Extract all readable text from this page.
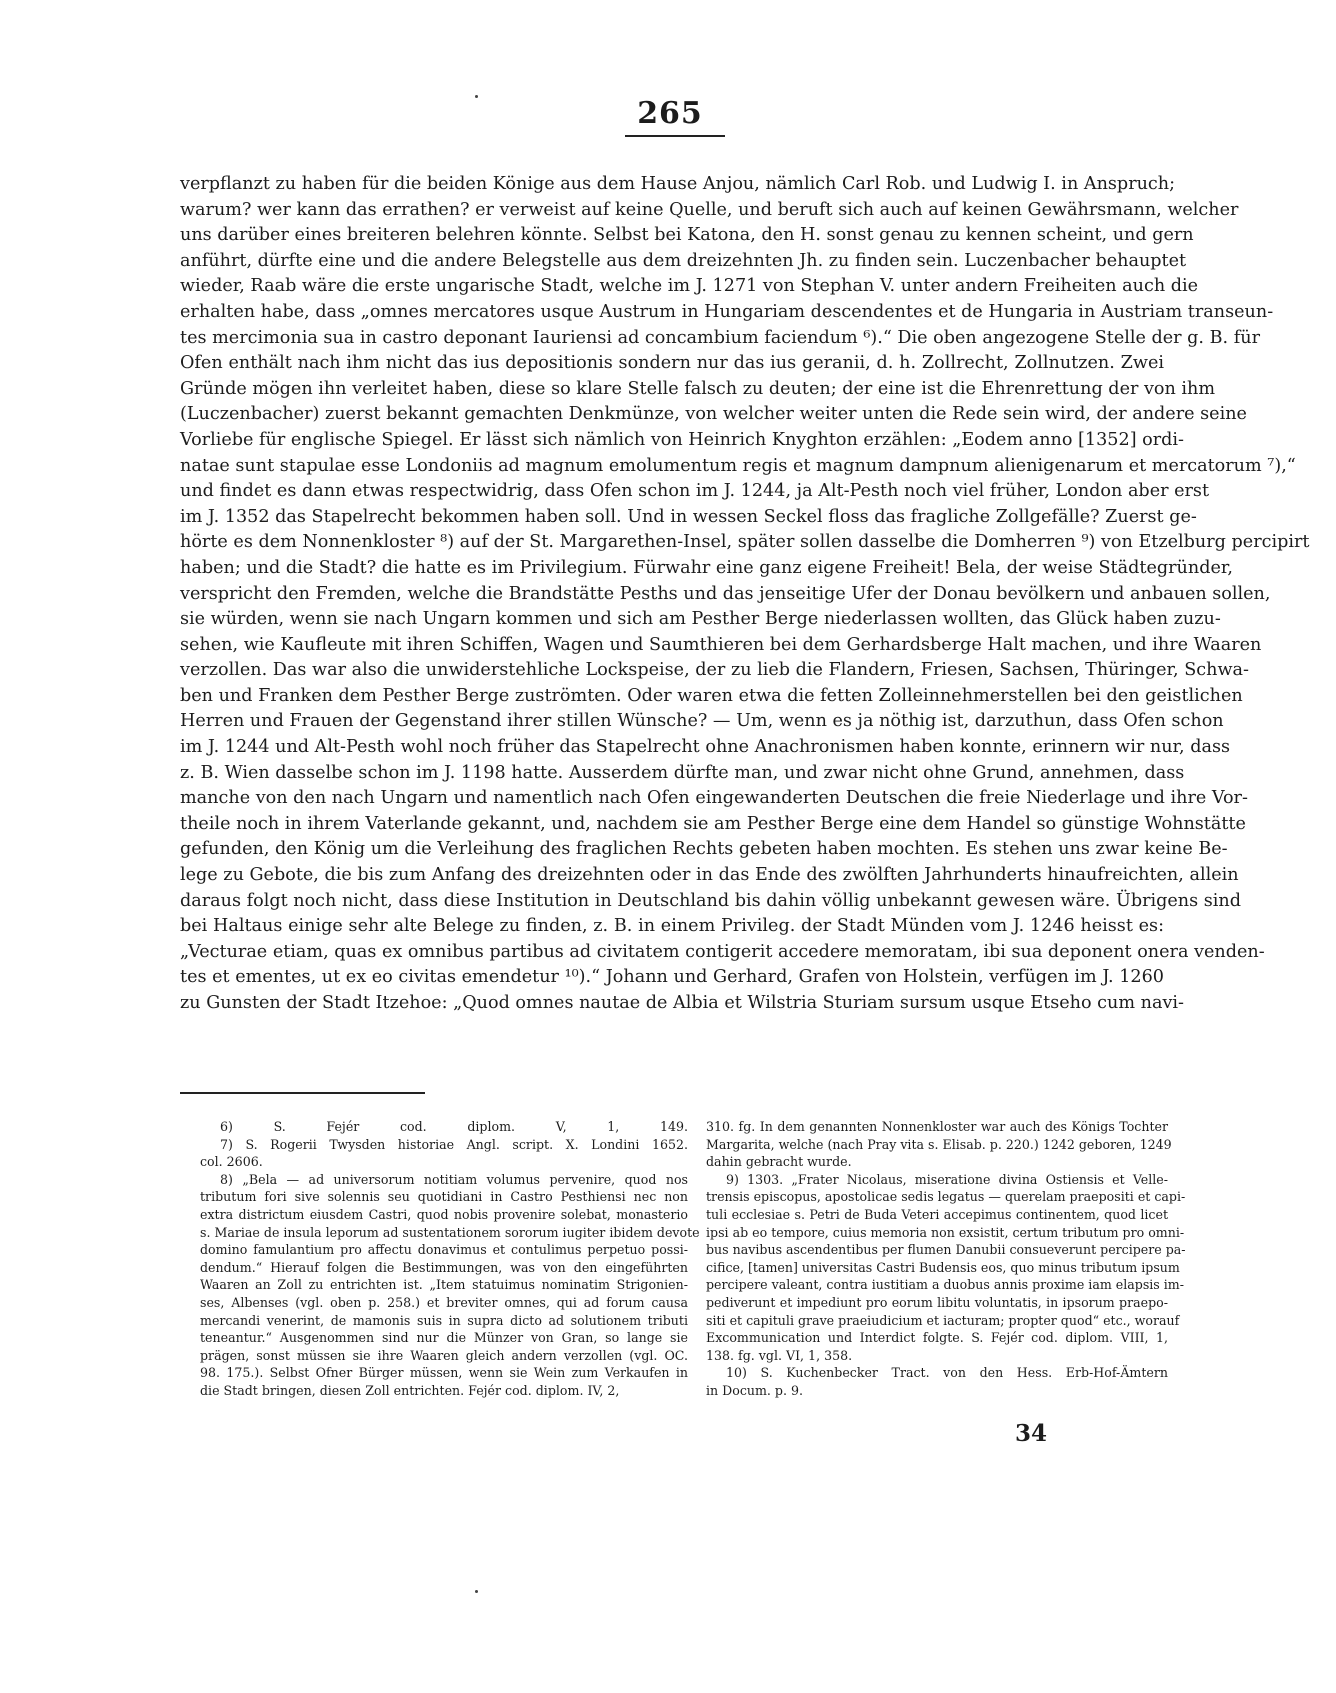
265
verpflanzt zu haben für die beiden Könige aus dem Hause Anjou, nämlich Carl Rob. und Ludwig I. in Anspruch;
warum? wer kann das errathen? er verweist auf keine Quelle, und beruft sich auch auf keinen Gewährsmann, welcher
uns darüber eines breiteren belehren könnte. Selbst bei Katona, den H. sonst genau zu kennen scheint, und gern
anführt, dürfte eine und die andere Belegstelle aus dem dreizehnten Jh. zu finden sein. Luczenbacher behauptet
wieder, Raab wäre die erste ungarische Stadt, welche im J. 1271 von Stephan V. unter andern Freiheiten auch die
erhalten habe, dass „omnes mercatores usque Austrum in Hungariam descendentes et de Hungaria in Austriam transeun-
tes mercimonia sua in castro deponant Iauriensi ad concambium faciendum ⁶).“ Die oben angezogene Stelle der g. B. für
Ofen enthält nach ihm nicht das ius depositionis sondern nur das ius geranii, d. h. Zollrecht, Zollnutzen. Zwei
Gründe mögen ihn verleitet haben, diese so klare Stelle falsch zu deuten; der eine ist die Ehrenrettung der von ihm
(Luczenbacher) zuerst bekannt gemachten Denkmünze, von welcher weiter unten die Rede sein wird, der andere seine
Vorliebe für englische Spiegel. Er lässt sich nämlich von Heinrich Knyghton erzählen: „Eodem anno [1352] ordi-
natae sunt stapulae esse Londoniis ad magnum emolumentum regis et magnum dampnum alienigenarum et mercatorum ⁷),“
und findet es dann etwas respectwidrig, dass Ofen schon im J. 1244, ja Alt-Pesth noch viel früher, London aber erst
im J. 1352 das Stapelrecht bekommen haben soll. Und in wessen Seckel floss das fragliche Zollgefälle? Zuerst ge-
hörte es dem Nonnenkloster ⁸) auf der St. Margarethen-Insel, später sollen dasselbe die Domherren ⁹) von Etzelburg percipirt
haben; und die Stadt? die hatte es im Privilegium. Fürwahr eine ganz eigene Freiheit! Bela, der weise Städtegründer,
verspricht den Fremden, welche die Brandstätte Pesths und das jenseitige Ufer der Donau bevölkern und anbauen sollen,
sie würden, wenn sie nach Ungarn kommen und sich am Pesther Berge niederlassen wollten, das Glück haben zuzu-
sehen, wie Kaufleute mit ihren Schiffen, Wagen und Saumthieren bei dem Gerhardsberge Halt machen, und ihre Waaren
verzollen. Das war also die unwiderstehliche Lockspeise, der zu lieb die Flandern, Friesen, Sachsen, Thüringer, Schwa-
ben und Franken dem Pesther Berge zuströmten. Oder waren etwa die fetten Zolleinnehmerstellen bei den geistlichen
Herren und Frauen der Gegenstand ihrer stillen Wünsche? — Um, wenn es ja nöthig ist, darzuthun, dass Ofen schon
im J. 1244 und Alt-Pesth wohl noch früher das Stapelrecht ohne Anachronismen haben konnte, erinnern wir nur, dass
z. B. Wien dasselbe schon im J. 1198 hatte. Ausserdem dürfte man, und zwar nicht ohne Grund, annehmen, dass
manche von den nach Ungarn und namentlich nach Ofen eingewanderten Deutschen die freie Niederlage und ihre Vor-
theile noch in ihrem Vaterlande gekannt, und, nachdem sie am Pesther Berge eine dem Handel so günstige Wohnstätte
gefunden, den König um die Verleihung des fraglichen Rechts gebeten haben mochten. Es stehen uns zwar keine Be-
lege zu Gebote, die bis zum Anfang des dreizehnten oder in das Ende des zwölften Jahrhunderts hinaufreichten, allein
daraus folgt noch nicht, dass diese Institution in Deutschland bis dahin völlig unbekannt gewesen wäre. Übrigens sind
bei Haltaus einige sehr alte Belege zu finden, z. B. in einem Privileg. der Stadt Münden vom J. 1246 heisst es:
„Vecturae etiam, quas ex omnibus partibus ad civitatem contigerit accedere memoratam, ibi sua deponent onera venden-
tes et ementes, ut ex eo civitas emendetur ¹⁰).“ Johann und Gerhard, Grafen von Holstein, verfügen im J. 1260
zu Gunsten der Stadt Itzehoe: „Quod omnes nautae de Albia et Wilstria Sturiam sursum usque Etseho cum navi-
6) S. Fejér cod. diplom. V, 1, 149.
7) S. Rogerii Twysden historiae Angl. script. X. Londini 1652.
col. 2606.
8) „Bela — ad universorum notitiam volumus pervenire, quod nos
tributum fori sive solennis seu quotidiani in Castro Pesthiensi nec non
extra districtum eiusdem Castri, quod nobis provenire solebat, monasterio
s. Mariae de insula leporum ad sustentationem sororum iugiter ibidem devote
domino famulantium pro affectu donavimus et contulimus perpetuo possi-
dendum.“ Hierauf folgen die Bestimmungen, was von den eingeführten
Waaren an Zoll zu entrichten ist. „Item statuimus nominatim Strigonien-
ses, Albenses (vgl. oben p. 258.) et breviter omnes, qui ad forum causa
mercandi venerint, de mamonis suis in supra dicto ad solutionem tributi
teneantur.“ Ausgenommen sind nur die Münzer von Gran, so lange sie
prägen, sonst müssen sie ihre Waaren gleich andern verzollen (vgl. OC.
98. 175.). Selbst Ofner Bürger müssen, wenn sie Wein zum Verkaufen in
die Stadt bringen, diesen Zoll entrichten. Fejér cod. diplom. IV, 2,
310. fg. In dem genannten Nonnenkloster war auch des Königs Tochter
Margarita, welche (nach Pray vita s. Elisab. p. 220.) 1242 geboren, 1249
dahin gebracht wurde.
9) 1303. „Frater Nicolaus, miseratione divina Ostiensis et Velle-
trensis episcopus, apostolicae sedis legatus — querelam praepositi et capi-
tuli ecclesiae s. Petri de Buda Veteri accepimus continentem, quod licet
ipsi ab eo tempore, cuius memoria non exsistit, certum tributum pro omni-
bus navibus ascendentibus per flumen Danubii consueverunt percipere pa-
cifice, [tamen] universitas Castri Budensis eos, quo minus tributum ipsum
percipere valeant, contra iustitiam a duobus annis proxime iam elapsis im-
pediverunt et impediunt pro eorum libitu voluntatis, in ipsorum praepo-
siti et capituli grave praeiudicium et iacturam; propter quod“ etc., worauf
Excommunication und Interdict folgte. S. Fejér cod. diplom. VIII, 1,
138. fg. vgl. VI, 1, 358.
10) S. Kuchenbecker Tract. von den Hess. Erb-Hof-Ämtern
in Docum. p. 9.
34
